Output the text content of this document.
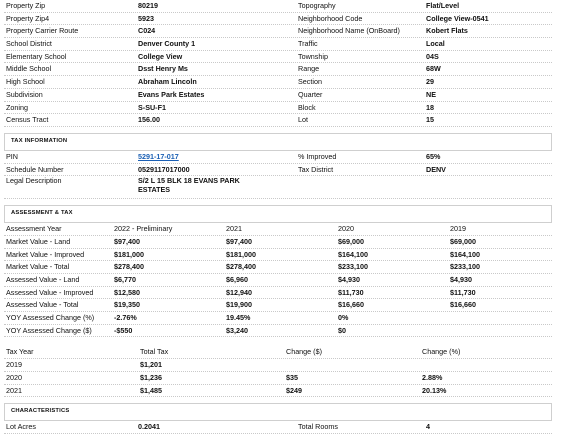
Property Zip	80219	Topography	Flat/Level
Property Zip4	5923	Neighborhood Code	College View-0541
Property Carrier Route	C024	Neighborhood Name (OnBoard)	Kobert Flats
School District	Denver County 1	Traffic	Local
Elementary School	College View	Township	04S
Middle School	Dsst Henry Ms	Range	68W
High School	Abraham Lincoln	Section	29
Subdivision	Evans Park Estates	Quarter	NE
Zoning	S-SU-F1	Block	18
Census Tract	156.00	Lot	15
TAX INFORMATION
PIN	5291-17-017	% Improved	65%
Schedule Number	0529117017000	Tax District	DENV
Legal Description	S/2 L 15 BLK 18 EVANS PARK
ESTATES
ASSESSMENT & TAX
Assessment Year	2022 - Preliminary	2021	2020	2019
Market Value - Land	$97,400	$97,400	$69,000	$69,000
Market Value - Improved	$181,000	$181,000	$164,100	$164,100
Market Value - Total	$278,400	$278,400	$233,100	$233,100
Assessed Value - Land	$6,770	$6,960	$4,930	$4,930
Assessed Value - Improved	$12,580	$12,940	$11,730	$11,730
Assessed Value - Total	$19,350	$19,900	$16,660	$16,660
YOY Assessed Change (%)	-2.76%	19.45%	0%
YOY Assessed Change ($)	-$550	$3,240	$0
Tax Year	Total Tax	Change ($)	Change (%)
2019	$1,201
2020	$1,236	$35	2.88%
2021	$1,485	$249	20.13%
CHARACTERISTICS
Lot Acres	0.2041	Total Rooms	4
